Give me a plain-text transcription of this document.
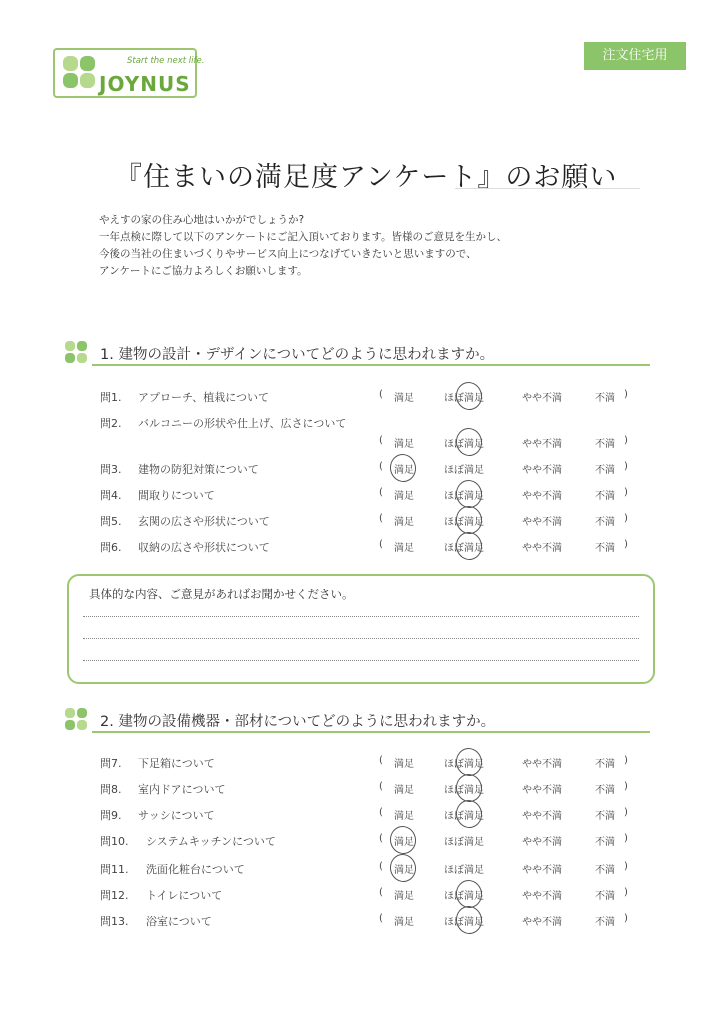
Start the next life.
JOYNUS
注文住宅用
『住まいの満足度アンケート』のお願い
やえすの家の住み心地はいかがでしょうか?
一年点検に際して以下のアンケートにご記入頂いております。皆様のご意見を生かし、
今後の当社の住まいづくりやサービス向上につなげていきたいと思いますので、
アンケートにご協力よろしくお願いします。
1. 建物の設計・デザインについてどのように思われますか。
問1. アプローチ、植栽について	( 満足	ほぼ満足	やや不満	不満 )
問2. バルコニーの形状や仕上げ、広さについて
( 満足	ほぼ満足	やや不満	不満 )
問3. 建物の防犯対策について	( 満足	ほぼ満足	やや不満	不満 )
問4. 間取りについて	( 満足	ほぼ満足	やや不満	不満 )
問5. 玄関の広さや形状について	( 満足	ほぼ満足	やや不満	不満 )
問6. 収納の広さや形状について	( 満足	ほぼ満足	やや不満	不満 )
具体的な内容、ご意見があればお聞かせください。
2. 建物の設備機器・部材についてどのように思われますか。
問7. 下足箱について	( 満足	ほぼ満足	やや不満	不満 )
問8. 室内ドアについて	( 満足	ほぼ満足	やや不満	不満 )
問9. サッシについて	( 満足	ほぼ満足	やや不満	不満 )
問10. システムキッチンについて	( 満足	ほぼ満足	やや不満	不満 )
問11. 洗面化粧台について	( 満足	ほぼ満足	やや不満	不満 )
問12. トイレについて	( 満足	ほぼ満足	やや不満	不満 )
問13. 浴室について	( 満足	ほぼ満足	やや不満	不満 )
